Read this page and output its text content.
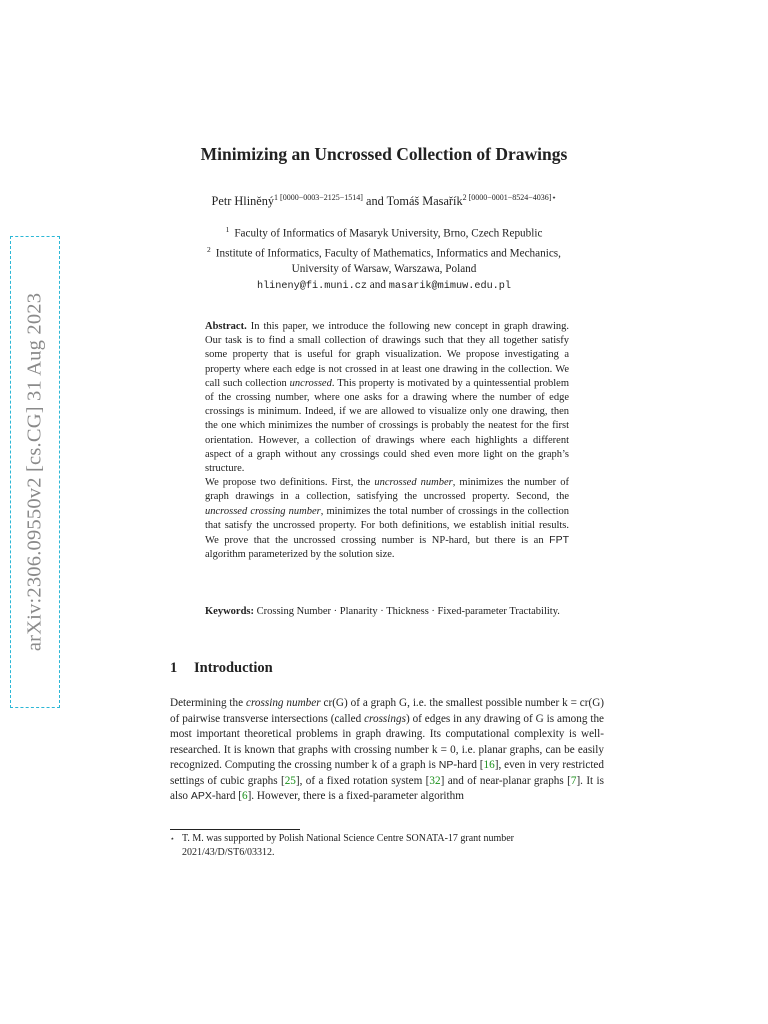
arXiv:2306.09550v2 [cs.CG] 31 Aug 2023
Minimizing an Uncrossed Collection of Drawings
Petr Hliněný$^{1 [0000-0003-2125-1514]}$ and Tomáš Masařík$^{2 [0000-0001-8524-4036]⋆}$
$^1$ Faculty of Informatics of Masaryk University, Brno, Czech Republic
$^2$ Institute of Informatics, Faculty of Mathematics, Informatics and Mechanics,
University of Warsaw, Warszawa, Poland
hlineny@fi.muni.cz and masarik@mimuw.edu.pl

Abstract. In this paper, we introduce the following new concept in graph drawing. Our task is to find a small collection of drawings such that they all together satisfy some property that is useful for graph visualization. We propose investigating a property where each edge is not crossed in at least one drawing in the collection. We call such collection uncrossed. This property is motivated by a quintessential problem of the crossing number, where one asks for a drawing where the number of edge crossings is minimum. Indeed, if we are allowed to visualize only one drawing, then the one which minimizes the number of crossings is probably the neatest for the first orientation. However, a collection of drawings where each highlights a different aspect of a graph without any crossings could shed even more light on the graph’s structure.

We propose two definitions. First, the uncrossed number, minimizes the number of graph drawings in a collection, satisfying the uncrossed property. Second, the uncrossed crossing number, minimizes the total number of crossings in the collection that satisfy the uncrossed property. For both definitions, we establish initial results. We prove that the uncrossed crossing number is NP-hard, but there is an FPT algorithm parameterized by the solution size.

Keywords: Crossing Number · Planarity · Thickness · Fixed-parameter Tractability.
1 Introduction

Determining the crossing number cr(G) of a graph G, i.e. the smallest possible number k = cr(G) of pairwise transverse intersections (called crossings) of edges in any drawing of G is among the most important theoretical problems in graph drawing. Its computational complexity is well-researched. It is known that graphs with crossing number k = 0, i.e. planar graphs, can be easily recognized. Computing the crossing number k of a graph is NP-hard [16], even in very restricted settings of cubic graphs [25], of a fixed rotation system [32] and of near-planar graphs [7]. It is also APX-hard [6]. However, there is a fixed-parameter algorithm

⋆ T. M. was supported by Polish National Science Centre SONATA-17 grant number
2021/43/D/ST6/03312.
